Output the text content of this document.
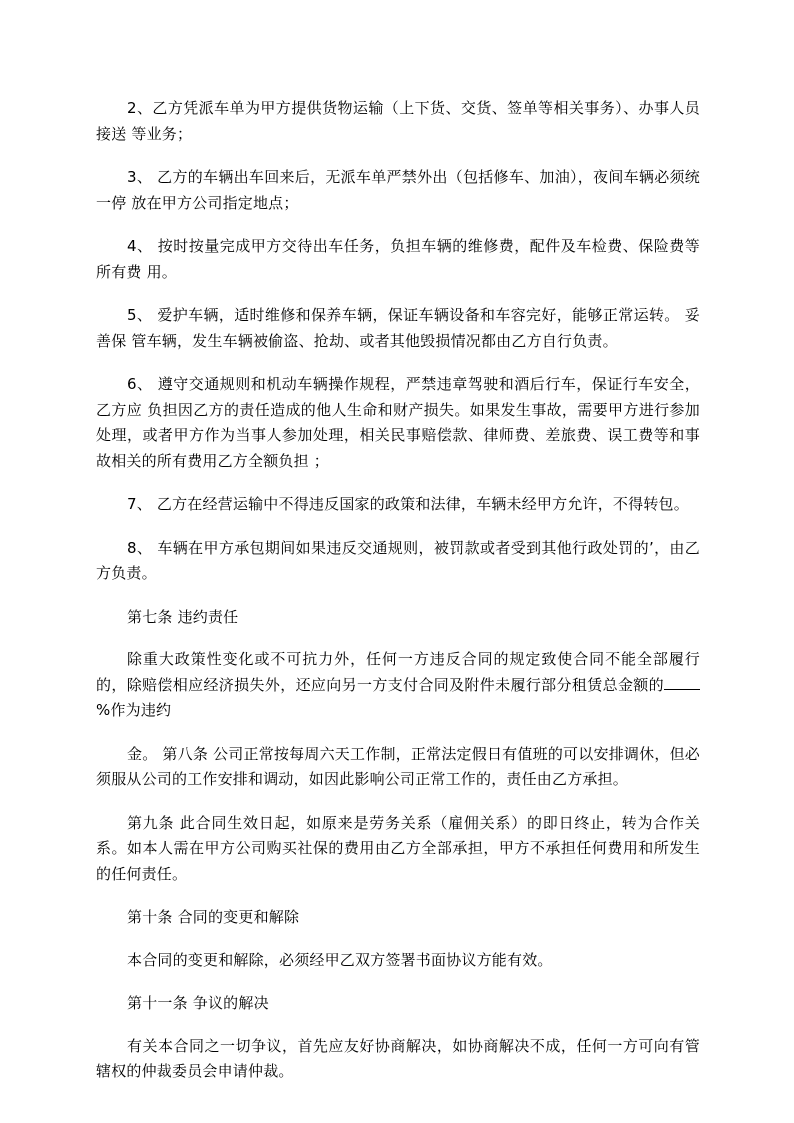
2、乙方凭派车单为甲方提供货物运输（上下货、交货、签单等相关事务）、办事人员接送 等业务；

3、 乙方的车辆出车回来后，无派车单严禁外出（包括修车、加油），夜间车辆必须统一停 放在甲方公司指定地点；

4、 按时按量完成甲方交待出车任务，负担车辆的维修费，配件及车检费、保险费等所有费 用。

5、 爱护车辆，适时维修和保养车辆，保证车辆设备和车容完好，能够正常运转。 妥善保 管车辆，发生车辆被偷盗、抢劫、或者其他毁损情况都由乙方自行负责。

6、 遵守交通规则和机动车辆操作规程，严禁违章驾驶和酒后行车，保证行车安全，乙方应 负担因乙方的责任造成的他人生命和财产损失。如果发生事故，需要甲方进行参加处理，或者甲方作为当事人参加处理，相关民事赔偿款、律师费、差旅费、误工费等和事故相关的所有费用乙方全额负担 ；

7、 乙方在经营运输中不得违反国家的政策和法律，车辆未经甲方允许，不得转包。

8、 车辆在甲方承包期间如果违反交通规则，被罚款或者受到其他行政处罚的’，由乙方负责。

第七条 违约责任

除重大政策性变化或不可抗力外，任何一方违反合同的规定致使合同不能全部履行的，除赔偿相应经济损失外，还应向另一方支付合同及附件未履行部分租赁总金额的%作为违约

金。 第八条 公司正常按每周六天工作制，正常法定假日有值班的可以安排调休，但必须服从公司的工作安排和调动，如因此影响公司正常工作的，责任由乙方承担。

第九条 此合同生效日起，如原来是劳务关系（雇佣关系）的即日终止，转为合作关系。如本人需在甲方公司购买社保的费用由乙方全部承担，甲方不承担任何费用和所发生的任何责任。

第十条 合同的变更和解除

本合同的变更和解除，必须经甲乙双方签署书面协议方能有效。

第十一条 争议的解决

有关本合同之一切争议，首先应友好协商解决，如协商解决不成，任何一方可向有管辖权的仲裁委员会申请仲裁。
